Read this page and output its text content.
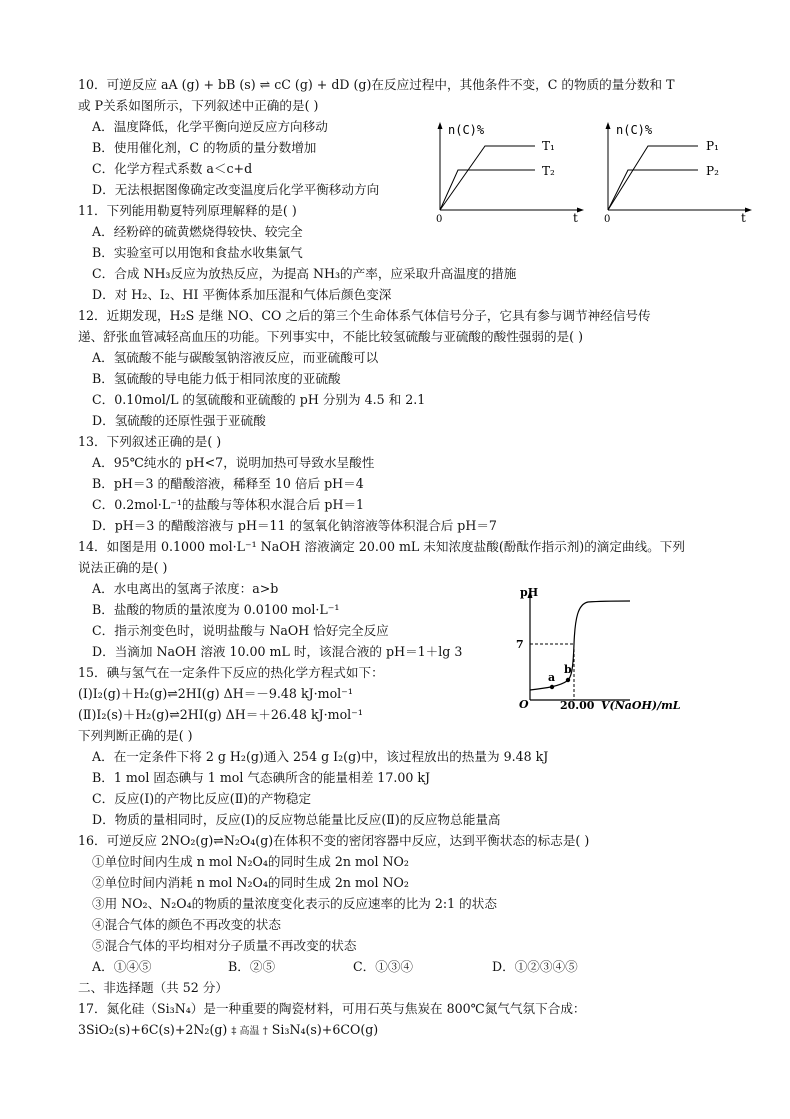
10．可逆反应 aA (g) + bB (s) ⇌ cC (g) + dD (g)在反应过程中，其他条件不变，C 的物质的量分数和 T
或 P关系如图所示，下列叙述中正确的是( )
A．温度降低，化学平衡向逆反应方向移动
B．使用催化剂，C 的物质的量分数增加
C．化学方程式系数 a＜c+d
D．无法根据图像确定改变温度后化学平衡移动方向
n(C)%
0	t
T₁
T₂
n(C)%
0	t
P₁
P₂
11．下列能用勒夏特列原理解释的是( )
A．经粉碎的硫黄燃烧得较快、较完全
B．实验室可以用饱和食盐水收集氯气
C．合成 NH₃反应为放热反应，为提高 NH₃的产率，应采取升高温度的措施
D．对 H₂、I₂、HI 平衡体系加压混和气体后颜色变深
12．近期发现，H₂S 是继 NO、CO 之后的第三个生命体系气体信号分子，它具有参与调节神经信号传
递、舒张血管减轻高血压的功能。下列事实中，不能比较氢硫酸与亚硫酸的酸性强弱的是( )
A．氢硫酸不能与碳酸氢钠溶液反应，而亚硫酸可以
B．氢硫酸的导电能力低于相同浓度的亚硫酸
C．0.10mol/L 的氢硫酸和亚硫酸的 pH 分别为 4.5 和 2.1
D．氢硫酸的还原性强于亚硫酸
13．下列叙述正确的是( )
A．95℃纯水的 pH<7，说明加热可导致水呈酸性
B．pH＝3 的醋酸溶液，稀释至 10 倍后 pH＝4
C．0.2mol·L⁻¹的盐酸与等体积水混合后 pH＝1
D．pH＝3 的醋酸溶液与 pH＝11 的氢氧化钠溶液等体积混合后 pH＝7
14．如图是用 0.1000 mol·L⁻¹ NaOH 溶液滴定 20.00 mL 未知浓度盐酸(酚酞作指示剂)的滴定曲线。下列
说法正确的是( )
A．水电离出的氢离子浓度：a>b
B．盐酸的物质的量浓度为 0.0100 mol·L⁻¹
C．指示剂变色时，说明盐酸与 NaOH 恰好完全反应
D．当滴加 NaOH 溶液 10.00 mL 时，该混合液的 pH＝1＋lg 3
pH
O
7
20.00 V(NaOH)/mL
a
b
15．碘与氢气在一定条件下反应的热化学方程式如下：
(Ⅰ)I₂(g)＋H₂(g)⇌2HI(g) ΔH＝－9.48 kJ·mol⁻¹
(Ⅱ)I₂(s)＋H₂(g)⇌2HI(g) ΔH＝＋26.48 kJ·mol⁻¹
下列判断正确的是( )
A．在一定条件下将 2 g H₂(g)通入 254 g I₂(g)中，该过程放出的热量为 9.48 kJ
B．1 mol 固态碘与 1 mol 气态碘所含的能量相差 17.00 kJ
C．反应(Ⅰ)的产物比反应(Ⅱ)的产物稳定
D．物质的量相同时，反应(Ⅰ)的反应物总能量比反应(Ⅱ)的反应物总能量高
16．可逆反应 2NO₂(g)⇌N₂O₄(g)在体积不变的密闭容器中反应，达到平衡状态的标志是( )
①单位时间内生成 n mol N₂O₄的同时生成 2n mol NO₂
②单位时间内消耗 n mol N₂O₄的同时生成 2n mol NO₂
③用 NO₂、N₂O₄的物质的量浓度变化表示的反应速率的比为 2:1 的状态
④混合气体的颜色不再改变的状态
⑤混合气体的平均相对分子质量不再改变的状态
A．①④⑤	B．②⑤	C．①③④	D．①②③④⑤
二、非选择题（共 52 分）
17．氮化硅（Si₃N₄）是一种重要的陶瓷材料，可用石英与焦炭在 800℃氮气气氛下合成：
3SiO₂(s)+6C(s)+2N₂(g) ‡ 高温 † Si₃N₄(s)+6CO(g)
